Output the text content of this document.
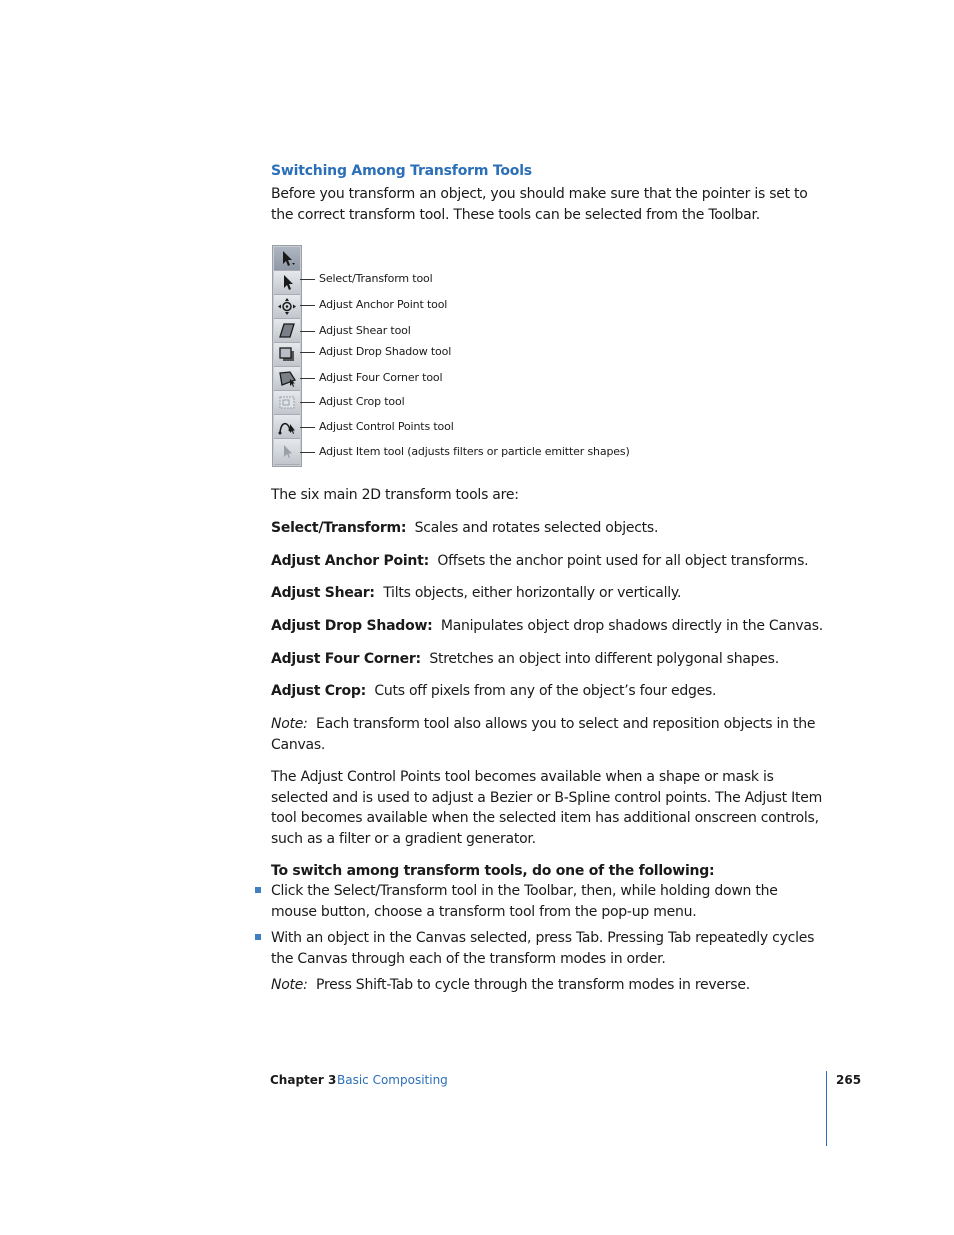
Switching Among Transform Tools
Before you transform an object, you should make sure that the pointer is set to the correct transform tool. These tools can be selected from the Toolbar.
Select/Transform tool
Adjust Anchor Point tool
Adjust Shear tool
Adjust Drop Shadow tool
Adjust Four Corner tool
Adjust Crop tool
Adjust Control Points tool
Adjust Item tool (adjusts filters or particle emitter shapes)
The six main 2D transform tools are:
Select/Transform: Scales and rotates selected objects.
Adjust Anchor Point: Offsets the anchor point used for all object transforms.
Adjust Shear: Tilts objects, either horizontally or vertically.
Adjust Drop Shadow: Manipulates object drop shadows directly in the Canvas.
Adjust Four Corner: Stretches an object into different polygonal shapes.
Adjust Crop: Cuts off pixels from any of the object’s four edges.
Note: Each transform tool also allows you to select and reposition objects in the Canvas.
The Adjust Control Points tool becomes available when a shape or mask is selected and is used to adjust a Bezier or B-Spline control points. The Adjust Item tool becomes available when the selected item has additional onscreen controls, such as a filter or a gradient generator.
To switch among transform tools, do one of the following:
Click the Select/Transform tool in the Toolbar, then, while holding down the mouse button, choose a transform tool from the pop-up menu.
With an object in the Canvas selected, press Tab. Pressing Tab repeatedly cycles the Canvas through each of the transform modes in order.
Note: Press Shift-Tab to cycle through the transform modes in reverse.
Chapter 3 Basic Compositing	265
